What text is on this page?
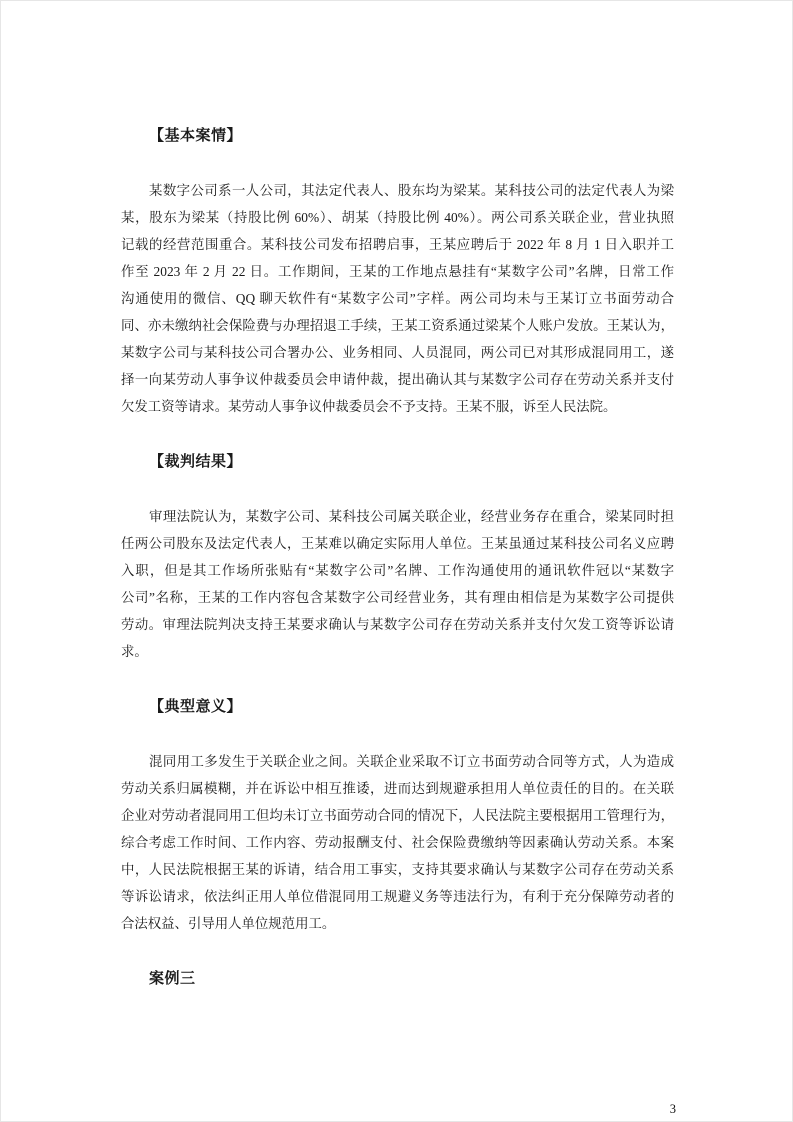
【基本案情】
某数字公司系一人公司，其法定代表人、股东均为梁某。某科技公司的法定代表人为梁
某，股东为梁某（持股比例 60%）、胡某（持股比例 40%）。两公司系关联企业，营业执照
记载的经营范围重合。某科技公司发布招聘启事，王某应聘后于 2022 年 8 月 1 日入职并工
作至 2023 年 2 月 22 日。工作期间，王某的工作地点悬挂有“某数字公司”名牌，日常工作
沟通使用的微信、QQ 聊天软件有“某数字公司”字样。两公司均未与王某订立书面劳动合
同、亦未缴纳社会保险费与办理招退工手续，王某工资系通过梁某个人账户发放。王某认为，
某数字公司与某科技公司合署办公、业务相同、人员混同，两公司已对其形成混同用工，遂
择一向某劳动人事争议仲裁委员会申请仲裁，提出确认其与某数字公司存在劳动关系并支付
欠发工资等请求。某劳动人事争议仲裁委员会不予支持。王某不服，诉至人民法院。
【裁判结果】
审理法院认为，某数字公司、某科技公司属关联企业，经营业务存在重合，梁某同时担
任两公司股东及法定代表人，王某难以确定实际用人单位。王某虽通过某科技公司名义应聘
入职，但是其工作场所张贴有“某数字公司”名牌、工作沟通使用的通讯软件冠以“某数字
公司”名称，王某的工作内容包含某数字公司经营业务，其有理由相信是为某数字公司提供
劳动。审理法院判决支持王某要求确认与某数字公司存在劳动关系并支付欠发工资等诉讼请
求。
【典型意义】
混同用工多发生于关联企业之间。关联企业采取不订立书面劳动合同等方式，人为造成
劳动关系归属模糊，并在诉讼中相互推诿，进而达到规避承担用人单位责任的目的。在关联
企业对劳动者混同用工但均未订立书面劳动合同的情况下，人民法院主要根据用工管理行为，
综合考虑工作时间、工作内容、劳动报酬支付、社会保险费缴纳等因素确认劳动关系。本案
中，人民法院根据王某的诉请，结合用工事实，支持其要求确认与某数字公司存在劳动关系
等诉讼请求，依法纠正用人单位借混同用工规避义务等违法行为，有利于充分保障劳动者的
合法权益、引导用人单位规范用工。
案例三
3
